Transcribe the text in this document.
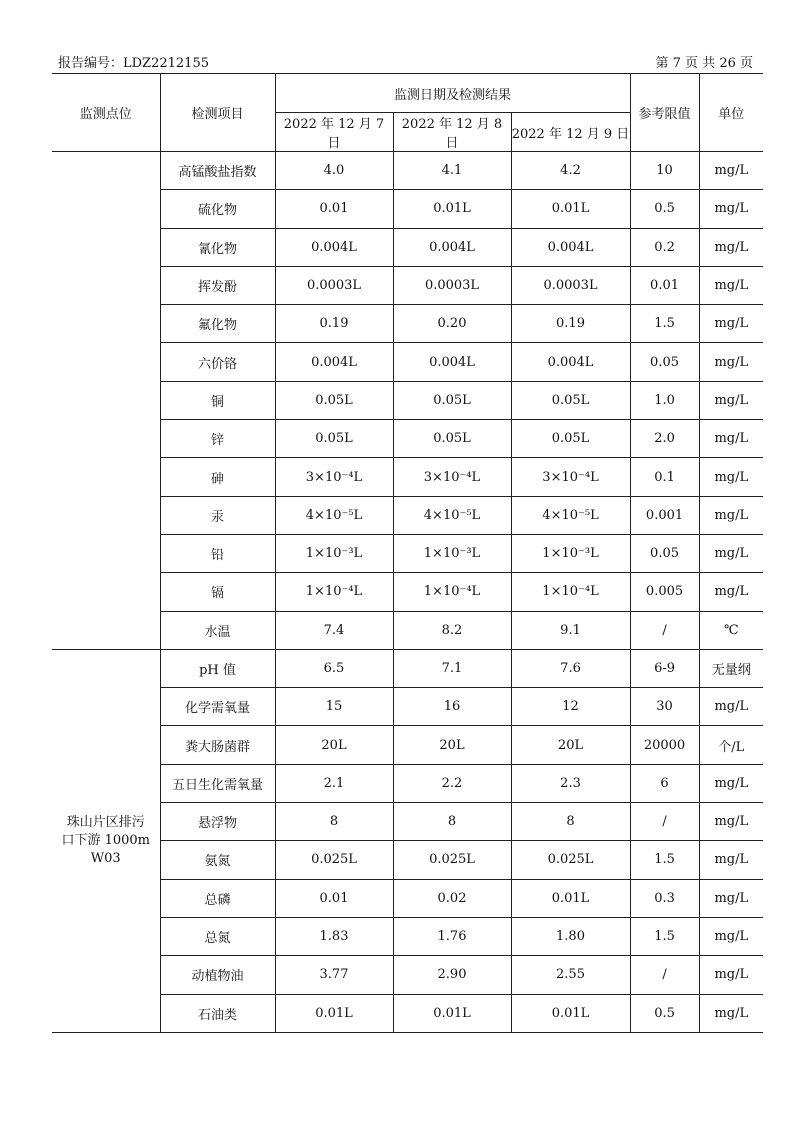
报告编号：LDZ2212155	第 7 页 共 26 页
监测点位	检测项目	监测日期及检测结果			参考限值	单位
		2022 年 12 月 7 日	2022 年 12 月 8 日	2022 年 12 月 9 日		
	高锰酸盐指数	4.0	4.1	4.2	10	mg/L
	硫化物	0.01	0.01L	0.01L	0.5	mg/L
	氰化物	0.004L	0.004L	0.004L	0.2	mg/L
	挥发酚	0.0003L	0.0003L	0.0003L	0.01	mg/L
	氟化物	0.19	0.20	0.19	1.5	mg/L
	六价铬	0.004L	0.004L	0.004L	0.05	mg/L
	铜	0.05L	0.05L	0.05L	1.0	mg/L
	锌	0.05L	0.05L	0.05L	2.0	mg/L
	砷	3×10⁻⁴L	3×10⁻⁴L	3×10⁻⁴L	0.1	mg/L
	汞	4×10⁻⁵L	4×10⁻⁵L	4×10⁻⁵L	0.001	mg/L
	铅	1×10⁻³L	1×10⁻³L	1×10⁻³L	0.05	mg/L
	镉	1×10⁻⁴L	1×10⁻⁴L	1×10⁻⁴L	0.005	mg/L
	水温	7.4	8.2	9.1	/	℃

珠山片区排污
口下游 1000m
W03	pH 值	6.5	7.1	7.6	6-9	无量纲
	化学需氧量	15	16	12	30	mg/L
	粪大肠菌群	20L	20L	20L	20000	个/L
	五日生化需氧量	2.1	2.2	2.3	6	mg/L
	悬浮物	8	8	8	/	mg/L
	氨氮	0.025L	0.025L	0.025L	1.5	mg/L
	总磷	0.01	0.02	0.01L	0.3	mg/L
	总氮	1.83	1.76	1.80	1.5	mg/L
	动植物油	3.77	2.90	2.55	/	mg/L
	石油类	0.01L	0.01L	0.01L	0.5	mg/L
